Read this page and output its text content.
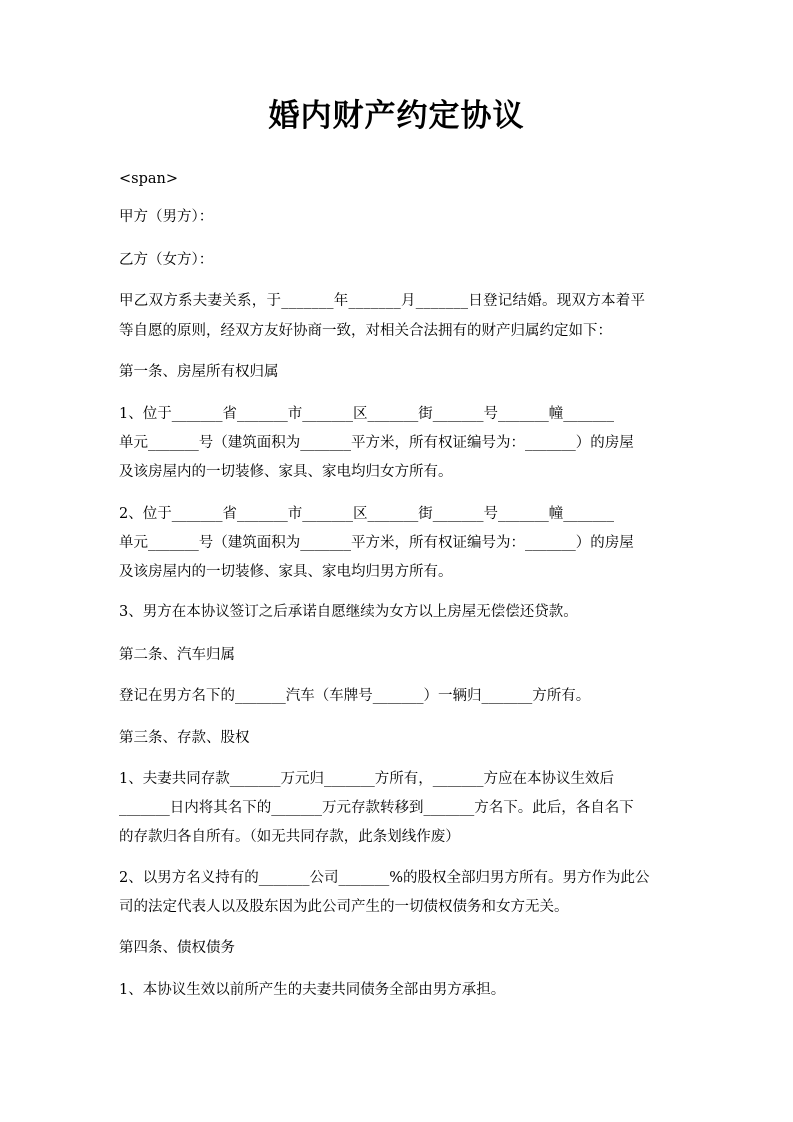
婚内财产约定协议

<span>

甲方（男方）：

乙方（女方）：

甲乙双方系夫妻关系，于_______年_______月_______日登记结婚。现双方本着平

等自愿的原则，经双方友好协商一致，对相关合法拥有的财产归属约定如下：

第一条、房屋所有权归属

1、位于_______省_______市_______区_______街_______号_______幢_______

单元_______号（建筑面积为_______平方米，所有权证编号为：_______）的房屋

及该房屋内的一切装修、家具、家电均归女方所有。

2、位于_______省_______市_______区_______街_______号_______幢_______

单元_______号（建筑面积为_______平方米，所有权证编号为：_______）的房屋

及该房屋内的一切装修、家具、家电均归男方所有。

3、男方在本协议签订之后承诺自愿继续为女方以上房屋无偿偿还贷款。

第二条、汽车归属

登记在男方名下的_______汽车（车牌号_______）一辆归_______方所有。

第三条、存款、股权

1、夫妻共同存款_______万元归_______方所有，_______方应在本协议生效后

_______日内将其名下的_______万元存款转移到_______方名下。此后，各自名下

的存款归各自所有。（如无共同存款，此条划线作废）

2、以男方名义持有的_______公司_______%的股权全部归男方所有。男方作为此公

司的法定代表人以及股东因为此公司产生的一切债权债务和女方无关。

第四条、债权债务

1、本协议生效以前所产生的夫妻共同债务全部由男方承担。
